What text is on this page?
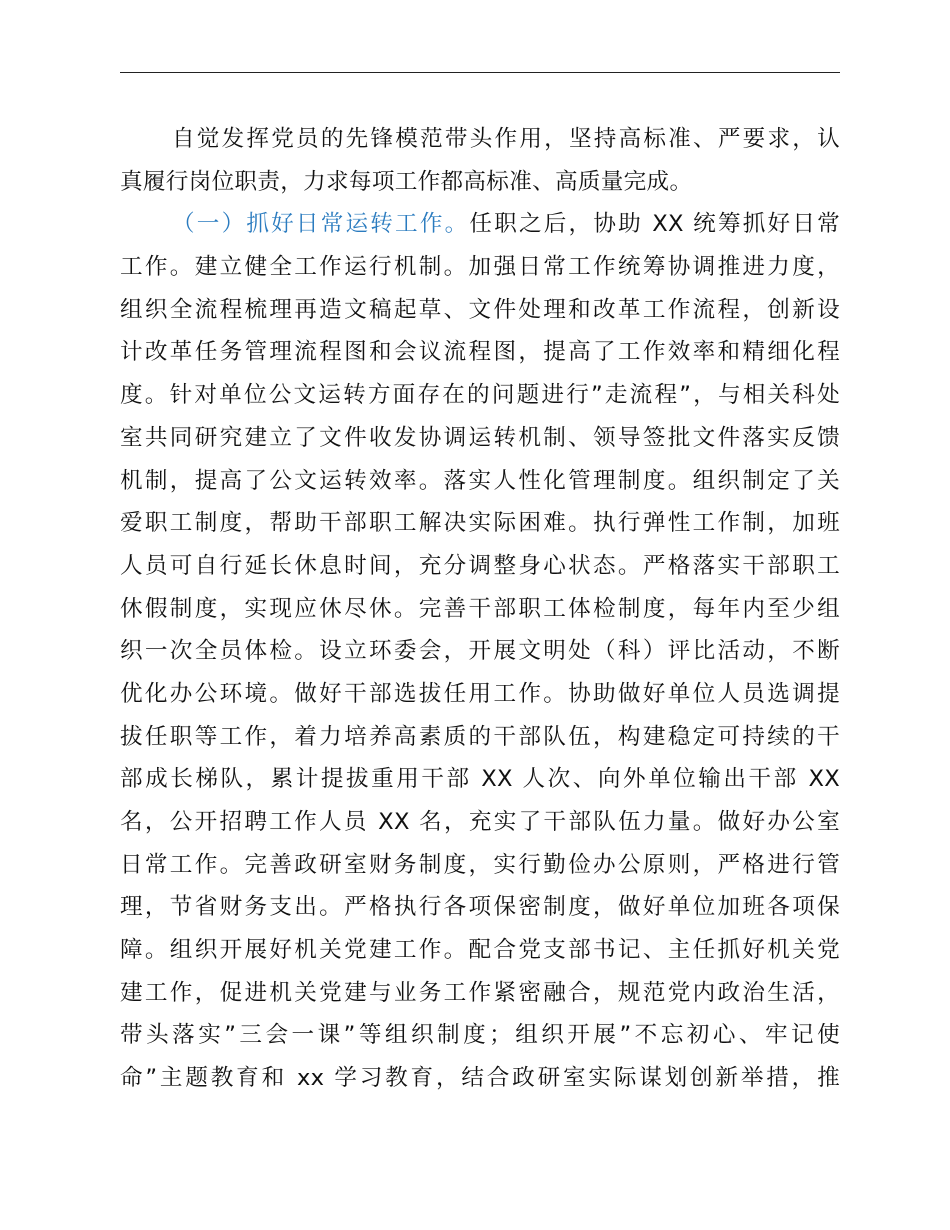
自觉发挥党员的先锋模范带头作用，坚持高标准、严要求，认
真履行岗位职责，力求每项工作都高标准、高质量完成。
（一）抓好日常运转工作。任职之后，协助 XX 统筹抓好日常
工作。建立健全工作运行机制。加强日常工作统筹协调推进力度，
组织全流程梳理再造文稿起草、文件处理和改革工作流程，创新设
计改革任务管理流程图和会议流程图，提高了工作效率和精细化程
度。针对单位公文运转方面存在的问题进行”走流程”，与相关科处
室共同研究建立了文件收发协调运转机制、领导签批文件落实反馈
机制，提高了公文运转效率。落实人性化管理制度。组织制定了关
爱职工制度，帮助干部职工解决实际困难。执行弹性工作制，加班
人员可自行延长休息时间，充分调整身心状态。严格落实干部职工
休假制度，实现应休尽休。完善干部职工体检制度，每年内至少组
织一次全员体检。设立环委会，开展文明处（科）评比活动，不断
优化办公环境。做好干部选拔任用工作。协助做好单位人员选调提
拔任职等工作，着力培养高素质的干部队伍，构建稳定可持续的干
部成长梯队，累计提拔重用干部 XX 人次、向外单位输出干部 XX
名，公开招聘工作人员 XX 名，充实了干部队伍力量。做好办公室
日常工作。完善政研室财务制度，实行勤俭办公原则，严格进行管
理，节省财务支出。严格执行各项保密制度，做好单位加班各项保
障。组织开展好机关党建工作。配合党支部书记、主任抓好机关党
建工作，促进机关党建与业务工作紧密融合，规范党内政治生活，
带头落实”三会一课”等组织制度；组织开展”不忘初心、牢记使
命”主题教育和 xx 学习教育，结合政研室实际谋划创新举措，推
